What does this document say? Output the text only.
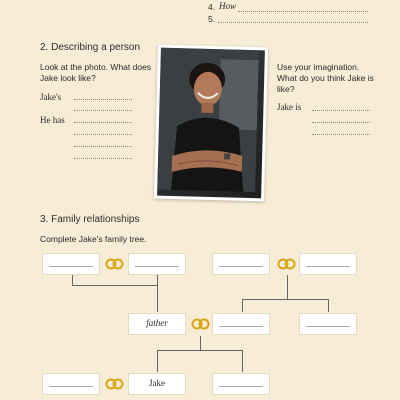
4. How
5.
2. Describing a person
Look at the photo. What does Jake look like?
Jake's
He has
Use your imagination. What do you think Jake is like?
Jake is
3. Family relationships
Complete Jake's family tree.
father
Jake
